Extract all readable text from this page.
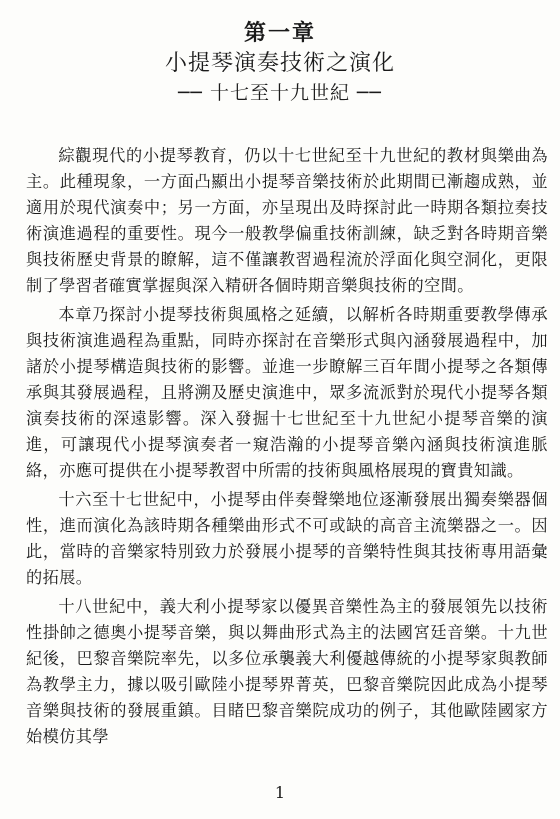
第一章
小提琴演奏技術之演化
── 十七至十九世紀 ──

綜觀現代的小提琴教育，仍以十七世紀至十九世紀的教材與樂曲為主。此種現象，一方面凸顯出小提琴音樂技術於此期間已漸趨成熟，並適用於現代演奏中；另一方面，亦呈現出及時探討此一時期各類拉奏技術演進過程的重要性。現今一般教學偏重技術訓練，缺乏對各時期音樂與技術歷史背景的瞭解，這不僅讓教習過程流於浮面化與空洞化，更限制了學習者確實掌握與深入精研各個時期音樂與技術的空間。

本章乃探討小提琴技術與風格之延續，以解析各時期重要教學傳承與技術演進過程為重點，同時亦探討在音樂形式與內涵發展過程中，加諸於小提琴構造與技術的影響。並進一步瞭解三百年間小提琴之各類傳承與其發展過程，且將溯及歷史演進中，眾多流派對於現代小提琴各類演奏技術的深遠影響。深入發掘十七世紀至十九世紀小提琴音樂的演進，可讓現代小提琴演奏者一窺浩瀚的小提琴音樂內涵與技術演進脈絡，亦應可提供在小提琴教習中所需的技術與風格展現的寶貴知識。

十六至十七世紀中，小提琴由伴奏聲樂地位逐漸發展出獨奏樂器個性，進而演化為該時期各種樂曲形式不可或缺的高音主流樂器之一。因此，當時的音樂家特別致力於發展小提琴的音樂特性與其技術專用語彙的拓展。

十八世紀中，義大利小提琴家以優異音樂性為主的發展領先以技術性掛帥之德奧小提琴音樂，與以舞曲形式為主的法國宮廷音樂。十九世紀後，巴黎音樂院率先，以多位承襲義大利優越傳統的小提琴家與教師為教學主力，據以吸引歐陸小提琴界菁英，巴黎音樂院因此成為小提琴音樂與技術的發展重鎮。目睹巴黎音樂院成功的例子，其他歐陸國家方始模仿其學

1
